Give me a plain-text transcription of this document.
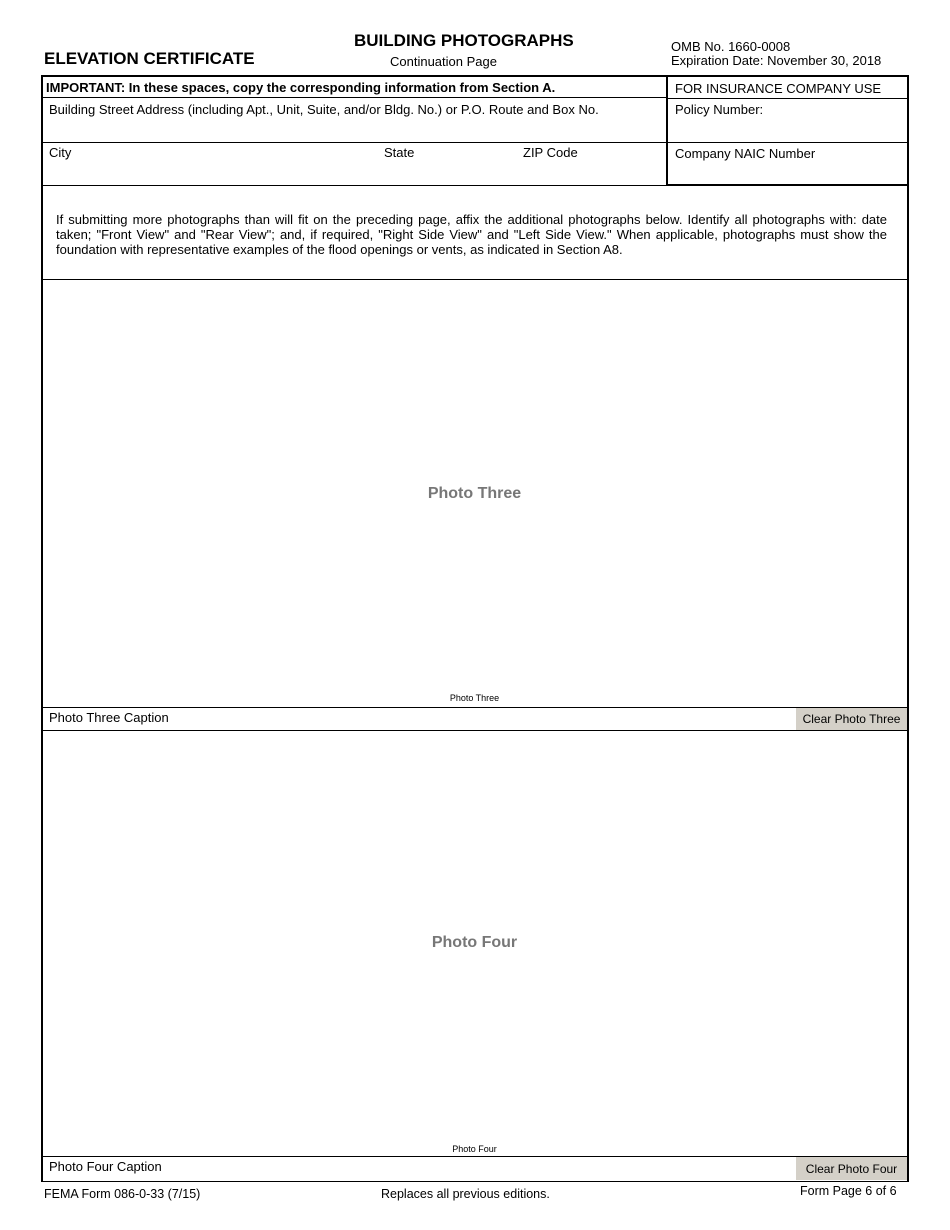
ELEVATION CERTIFICATE
BUILDING PHOTOGRAPHS
Continuation Page
OMB No. 1660-0008
Expiration Date: November 30, 2018
IMPORTANT: In these spaces, copy the corresponding information from Section A.
Building Street Address (including Apt., Unit, Suite, and/or Bldg. No.) or P.O. Route and Box No.
City	State	ZIP Code
FOR INSURANCE COMPANY USE
Policy Number:
Company NAIC Number
If submitting more photographs than will fit on the preceding page, affix the additional photographs below. Identify all photographs with: date taken; "Front View" and "Rear View"; and, if required, "Right Side View" and "Left Side View." When applicable, photographs must show the foundation with representative examples of the flood openings or vents, as indicated in Section A8.
Photo Three
Photo Three
Photo Three Caption	Clear Photo Three
Photo Four
Photo Four
Photo Four Caption	Clear Photo Four
FEMA Form 086-0-33 (7/15)	Replaces all previous editions.	Form Page 6 of 6
